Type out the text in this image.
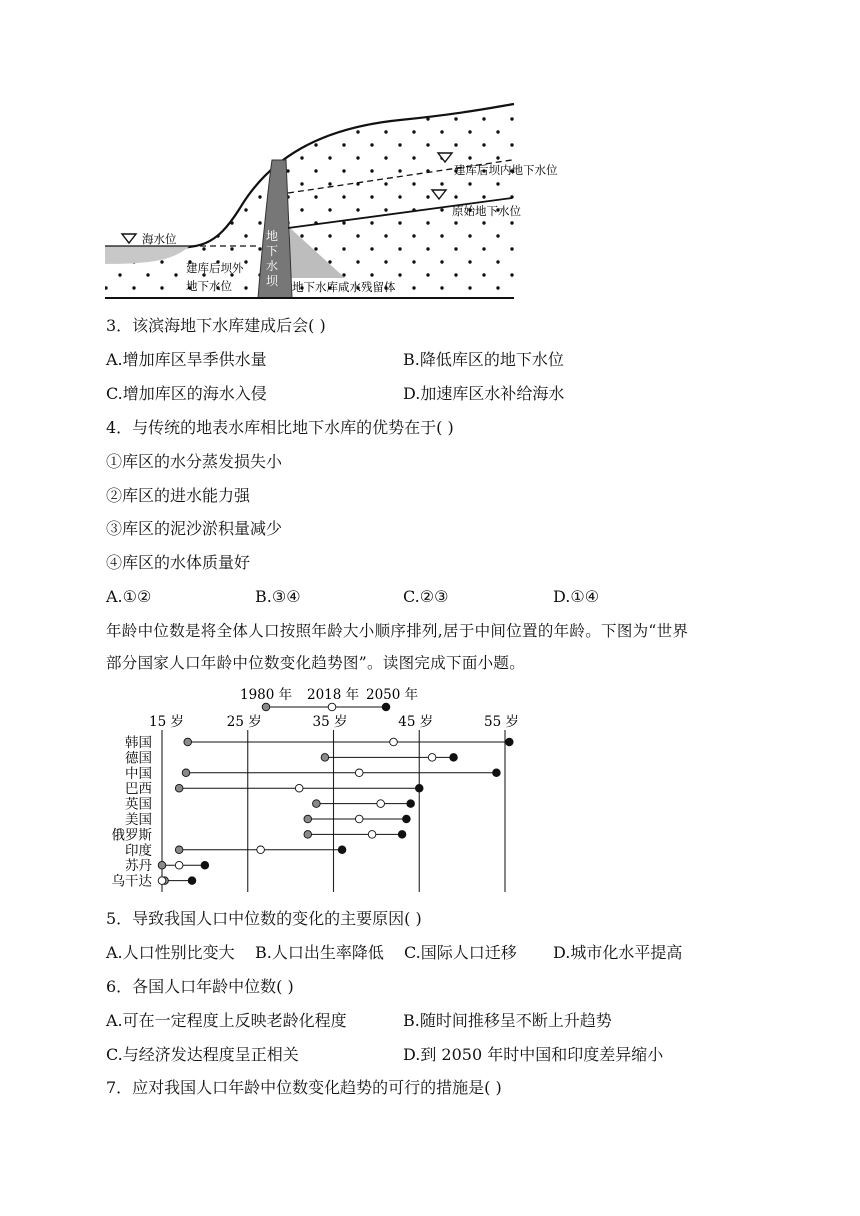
海水位	地
下
水
坝
建库后坝内地下水位
原始地下水位
建库后坝外
地下水位	地下水库咸水残留体
3．该滨海地下水库建成后会( )
A.增加库区旱季供水量	B.降低库区的地下水位
C.增加库区的海水入侵	D.加速库区水补给海水
4．与传统的地表水库相比地下水库的优势在于( )
①库区的水分蒸发损失小
②库区的进水能力强
③库区的泥沙淤积量减少
④库区的水体质量好
A.①②	B.③④	C.②③	D.①④
年龄中位数是将全体人口按照年龄大小顺序排列,居于中间位置的年龄。下图为“世界
部分国家人口年龄中位数变化趋势图”。读图完成下面小题。
1980 年 2018 年 2050 年
15 岁	25 岁	35 岁	45 岁	55 岁
韩国
德国
中国
巴西
英国
美国
俄罗斯
印度
苏丹
乌干达
5．导致我国人口中位数的变化的主要原因( )
A.人口性别比变大 B.人口出生率降低 C.国际人口迁移 D.城市化水平提高
6．各国人口年龄中位数( )
A.可在一定程度上反映老龄化程度	B.随时间推移呈不断上升趋势
C.与经济发达程度呈正相关	D.到 2050 年时中国和印度差异缩小
7．应对我国人口年龄中位数变化趋势的可行的措施是( )
